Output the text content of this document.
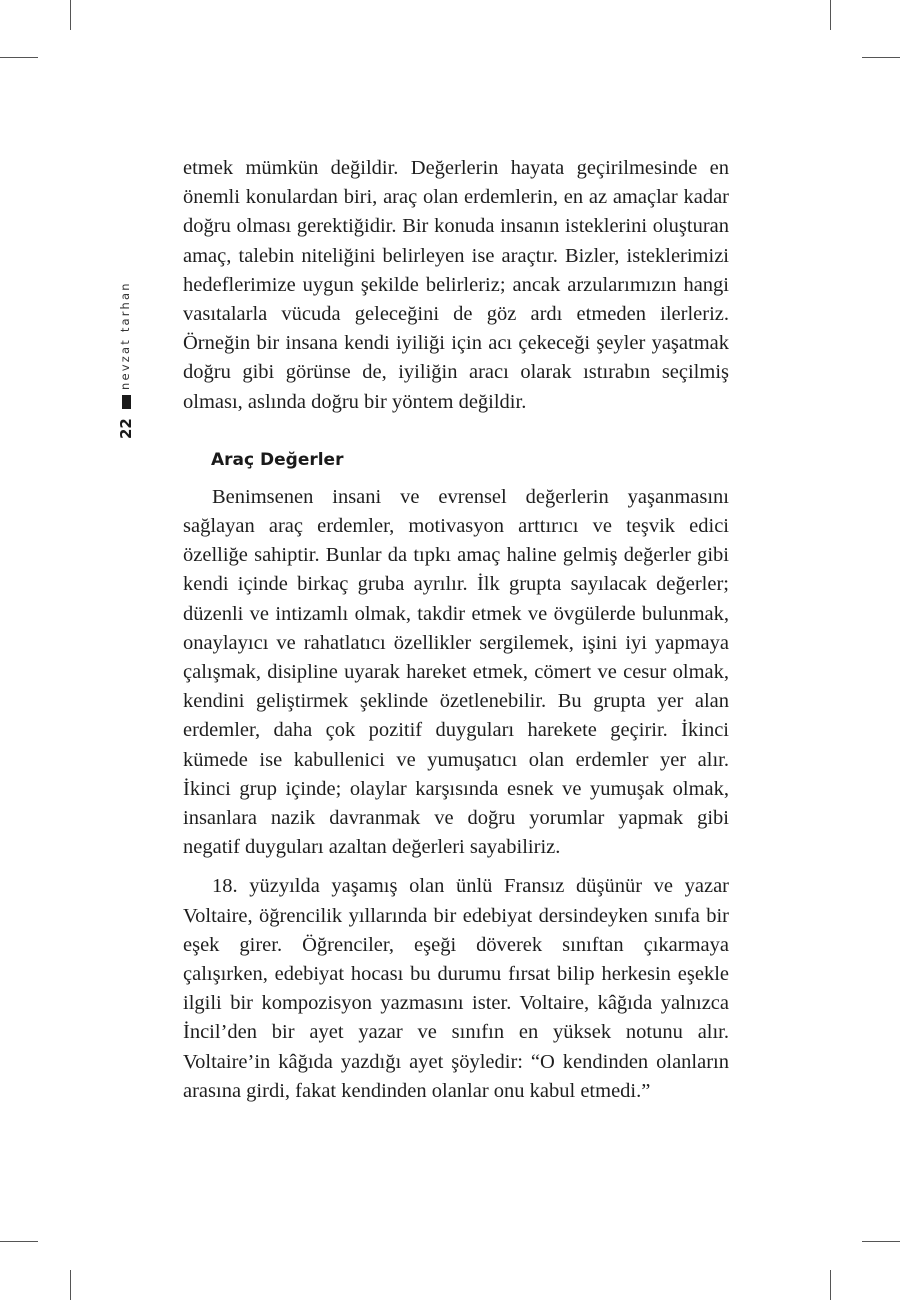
nevzat tarhan
22

etmek mümkün değildir. Değerlerin hayata geçirilmesinde en önemli konulardan biri, araç olan erdemlerin, en az amaçlar kadar doğru olması gerektiğidir. Bir konuda insanın isteklerini oluşturan amaç, talebin niteliğini belirleyen ise araçtır. Bizler, isteklerimizi hedeflerimize uygun şekilde belirleriz; ancak arzularımızın hangi vasıtalarla vücuda geleceğini de göz ardı etmeden ilerleriz. Örneğin bir insana kendi iyiliği için acı çekeceği şeyler yaşatmak doğru gibi görünse de, iyiliğin aracı olarak ıstırabın seçilmiş olması, aslında doğru bir yöntem değildir.

Araç Değerler

Benimsenen insani ve evrensel değerlerin yaşanmasını sağlayan araç erdemler, motivasyon arttırıcı ve teşvik edici özelliğe sahiptir. Bunlar da tıpkı amaç haline gelmiş değerler gibi kendi içinde birkaç gruba ayrılır. İlk grupta sayılacak değerler; düzenli ve intizamlı olmak, takdir etmek ve övgülerde bulunmak, onaylayıcı ve rahatlatıcı özellikler sergilemek, işini iyi yapmaya çalışmak, disipline uyarak hareket etmek, cömert ve cesur olmak, kendini geliştirmek şeklinde özetlenebilir. Bu grupta yer alan erdemler, daha çok pozitif duyguları harekete geçirir. İkinci kümede ise kabullenici ve yumuşatıcı olan erdemler yer alır. İkinci grup içinde; olaylar karşısında esnek ve yumuşak olmak, insanlara nazik davranmak ve doğru yorumlar yapmak gibi negatif duyguları azaltan değerleri sayabiliriz.

18. yüzyılda yaşamış olan ünlü Fransız düşünür ve yazar Voltaire, öğrencilik yıllarında bir edebiyat dersindeyken sınıfa bir eşek girer. Öğrenciler, eşeği döverek sınıftan çıkarmaya çalışırken, edebiyat hocası bu durumu fırsat bilip herkesin eşekle ilgili bir kompozisyon yazmasını ister. Voltaire, kâğıda yalnızca İncil’den bir ayet yazar ve sınıfın en yüksek notunu alır. Voltaire’in kâğıda yazdığı ayet şöyledir: “O kendinden olanların arasına girdi, fakat kendinden olanlar onu kabul etmedi.”
